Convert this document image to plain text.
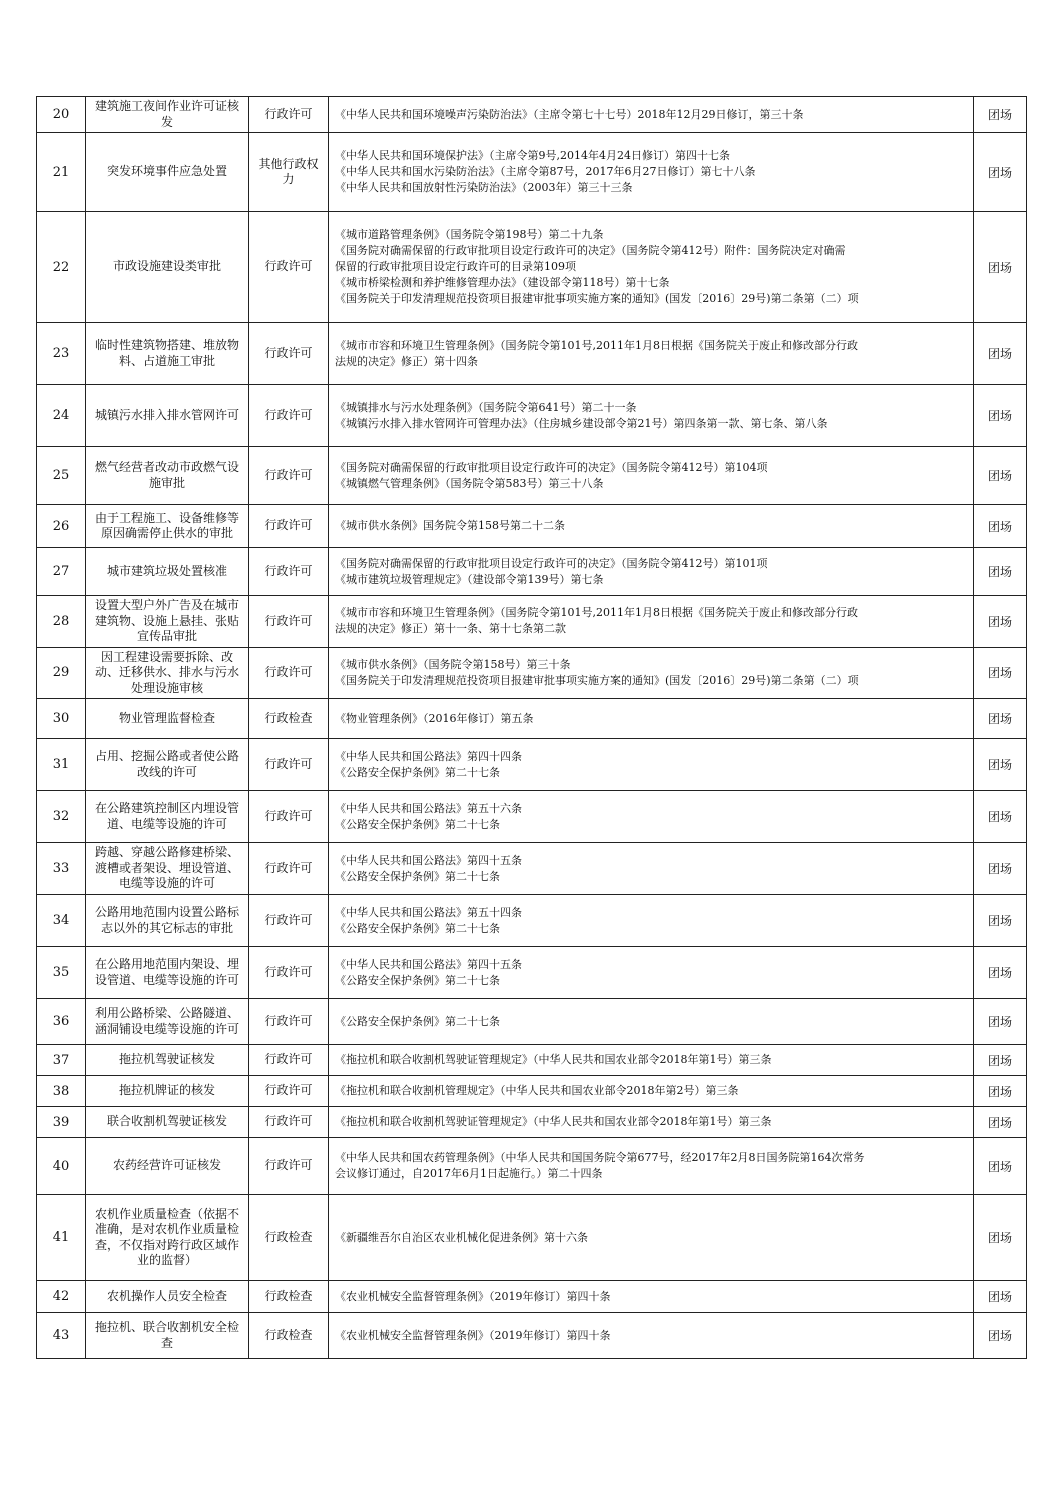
20	建筑施工夜间作业许可证核发	行政许可	《中华人民共和国环境噪声污染防治法》（主席令第七十七号）2018年12月29日修订，第三十条	团场
21	突发环境事件应急处置	其他行政权力	《中华人民共和国环境保护法》（主席令第9号,2014年4月24日修订）第四十七条
《中华人民共和国水污染防治法》（主席令第87号，2017年6月27日修订）第七十八条
《中华人民共和国放射性污染防治法》（2003年）第三十三条	团场
22	市政设施建设类审批	行政许可	《城市道路管理条例》（国务院令第198号）第二十九条
《国务院对确需保留的行政审批项目设定行政许可的决定》（国务院令第412号）附件：国务院决定对确需
保留的行政审批项目设定行政许可的目录第109项
《城市桥梁检测和养护维修管理办法》（建设部令第118号）第十七条
《国务院关于印发清理规范投资项目报建审批事项实施方案的通知》(国发〔2016〕29号)第二条第（二）项	团场
23	临时性建筑物搭建、堆放物料、占道施工审批	行政许可	《城市市容和环境卫生管理条例》（国务院令第101号,2011年1月8日根据《国务院关于废止和修改部分行政
法规的决定》修正）第十四条	团场
24	城镇污水排入排水管网许可	行政许可	《城镇排水与污水处理条例》（国务院令第641号）第二十一条
《城镇污水排入排水管网许可管理办法》（住房城乡建设部令第21号）第四条第一款、第七条、第八条	团场
25	燃气经营者改动市政燃气设施审批	行政许可	《国务院对确需保留的行政审批项目设定行政许可的决定》（国务院令第412号）第104项
《城镇燃气管理条例》（国务院令第583号）第三十八条	团场
26	由于工程施工、设备维修等原因确需停止供水的审批	行政许可	《城市供水条例》国务院令第158号第二十二条	团场
27	城市建筑垃圾处置核准	行政许可	《国务院对确需保留的行政审批项目设定行政许可的决定》（国务院令第412号）第101项
《城市建筑垃圾管理规定》（建设部令第139号）第七条	团场
28	设置大型户外广告及在城市建筑物、设施上悬挂、张贴宣传品审批	行政许可	《城市市容和环境卫生管理条例》（国务院令第101号,2011年1月8日根据《国务院关于废止和修改部分行政
法规的决定》修正）第十一条、第十七条第二款	团场
29	因工程建设需要拆除、改动、迁移供水、排水与污水处理设施审核	行政许可	《城市供水条例》（国务院令第158号）第三十条
《国务院关于印发清理规范投资项目报建审批事项实施方案的通知》(国发〔2016〕29号)第二条第（二）项	团场
30	物业管理监督检查	行政检查	《物业管理条例》（2016年修订）第五条	团场
31	占用、挖掘公路或者使公路改线的许可	行政许可	《中华人民共和国公路法》第四十四条
《公路安全保护条例》第二十七条	团场
32	在公路建筑控制区内埋设管道、电缆等设施的许可	行政许可	《中华人民共和国公路法》第五十六条
《公路安全保护条例》第二十七条	团场
33	跨越、穿越公路修建桥梁、渡槽或者架设、埋设管道、电缆等设施的许可	行政许可	《中华人民共和国公路法》第四十五条
《公路安全保护条例》第二十七条	团场
34	公路用地范围内设置公路标志以外的其它标志的审批	行政许可	《中华人民共和国公路法》第五十四条
《公路安全保护条例》第二十七条	团场
35	在公路用地范围内架设、埋设管道、电缆等设施的许可	行政许可	《中华人民共和国公路法》第四十五条
《公路安全保护条例》第二十七条	团场
36	利用公路桥梁、公路隧道、涵洞铺设电缆等设施的许可	行政许可	《公路安全保护条例》第二十七条	团场
37	拖拉机驾驶证核发	行政许可	《拖拉机和联合收割机驾驶证管理规定》（中华人民共和国农业部令2018年第1号）第三条	团场
38	拖拉机牌证的核发	行政许可	《拖拉机和联合收割机管理规定》（中华人民共和国农业部令2018年第2号）第三条	团场
39	联合收割机驾驶证核发	行政许可	《拖拉机和联合收割机驾驶证管理规定》（中华人民共和国农业部令2018年第1号）第三条	团场
40	农药经营许可证核发	行政许可	《中华人民共和国农药管理条例》（中华人民共和国国务院令第677号，经2017年2月8日国务院第164次常务
会议修订通过，自2017年6月1日起施行。）第二十四条	团场
41	农机作业质量检查（依据不准确，是对农机作业质量检查，不仅指对跨行政区域作业的监督）	行政检查	《新疆维吾尔自治区农业机械化促进条例》第十六条	团场
42	农机操作人员安全检查	行政检查	《农业机械安全监督管理条例》（2019年修订）第四十条	团场
43	拖拉机、联合收割机安全检查	行政检查	《农业机械安全监督管理条例》（2019年修订）第四十条	团场
